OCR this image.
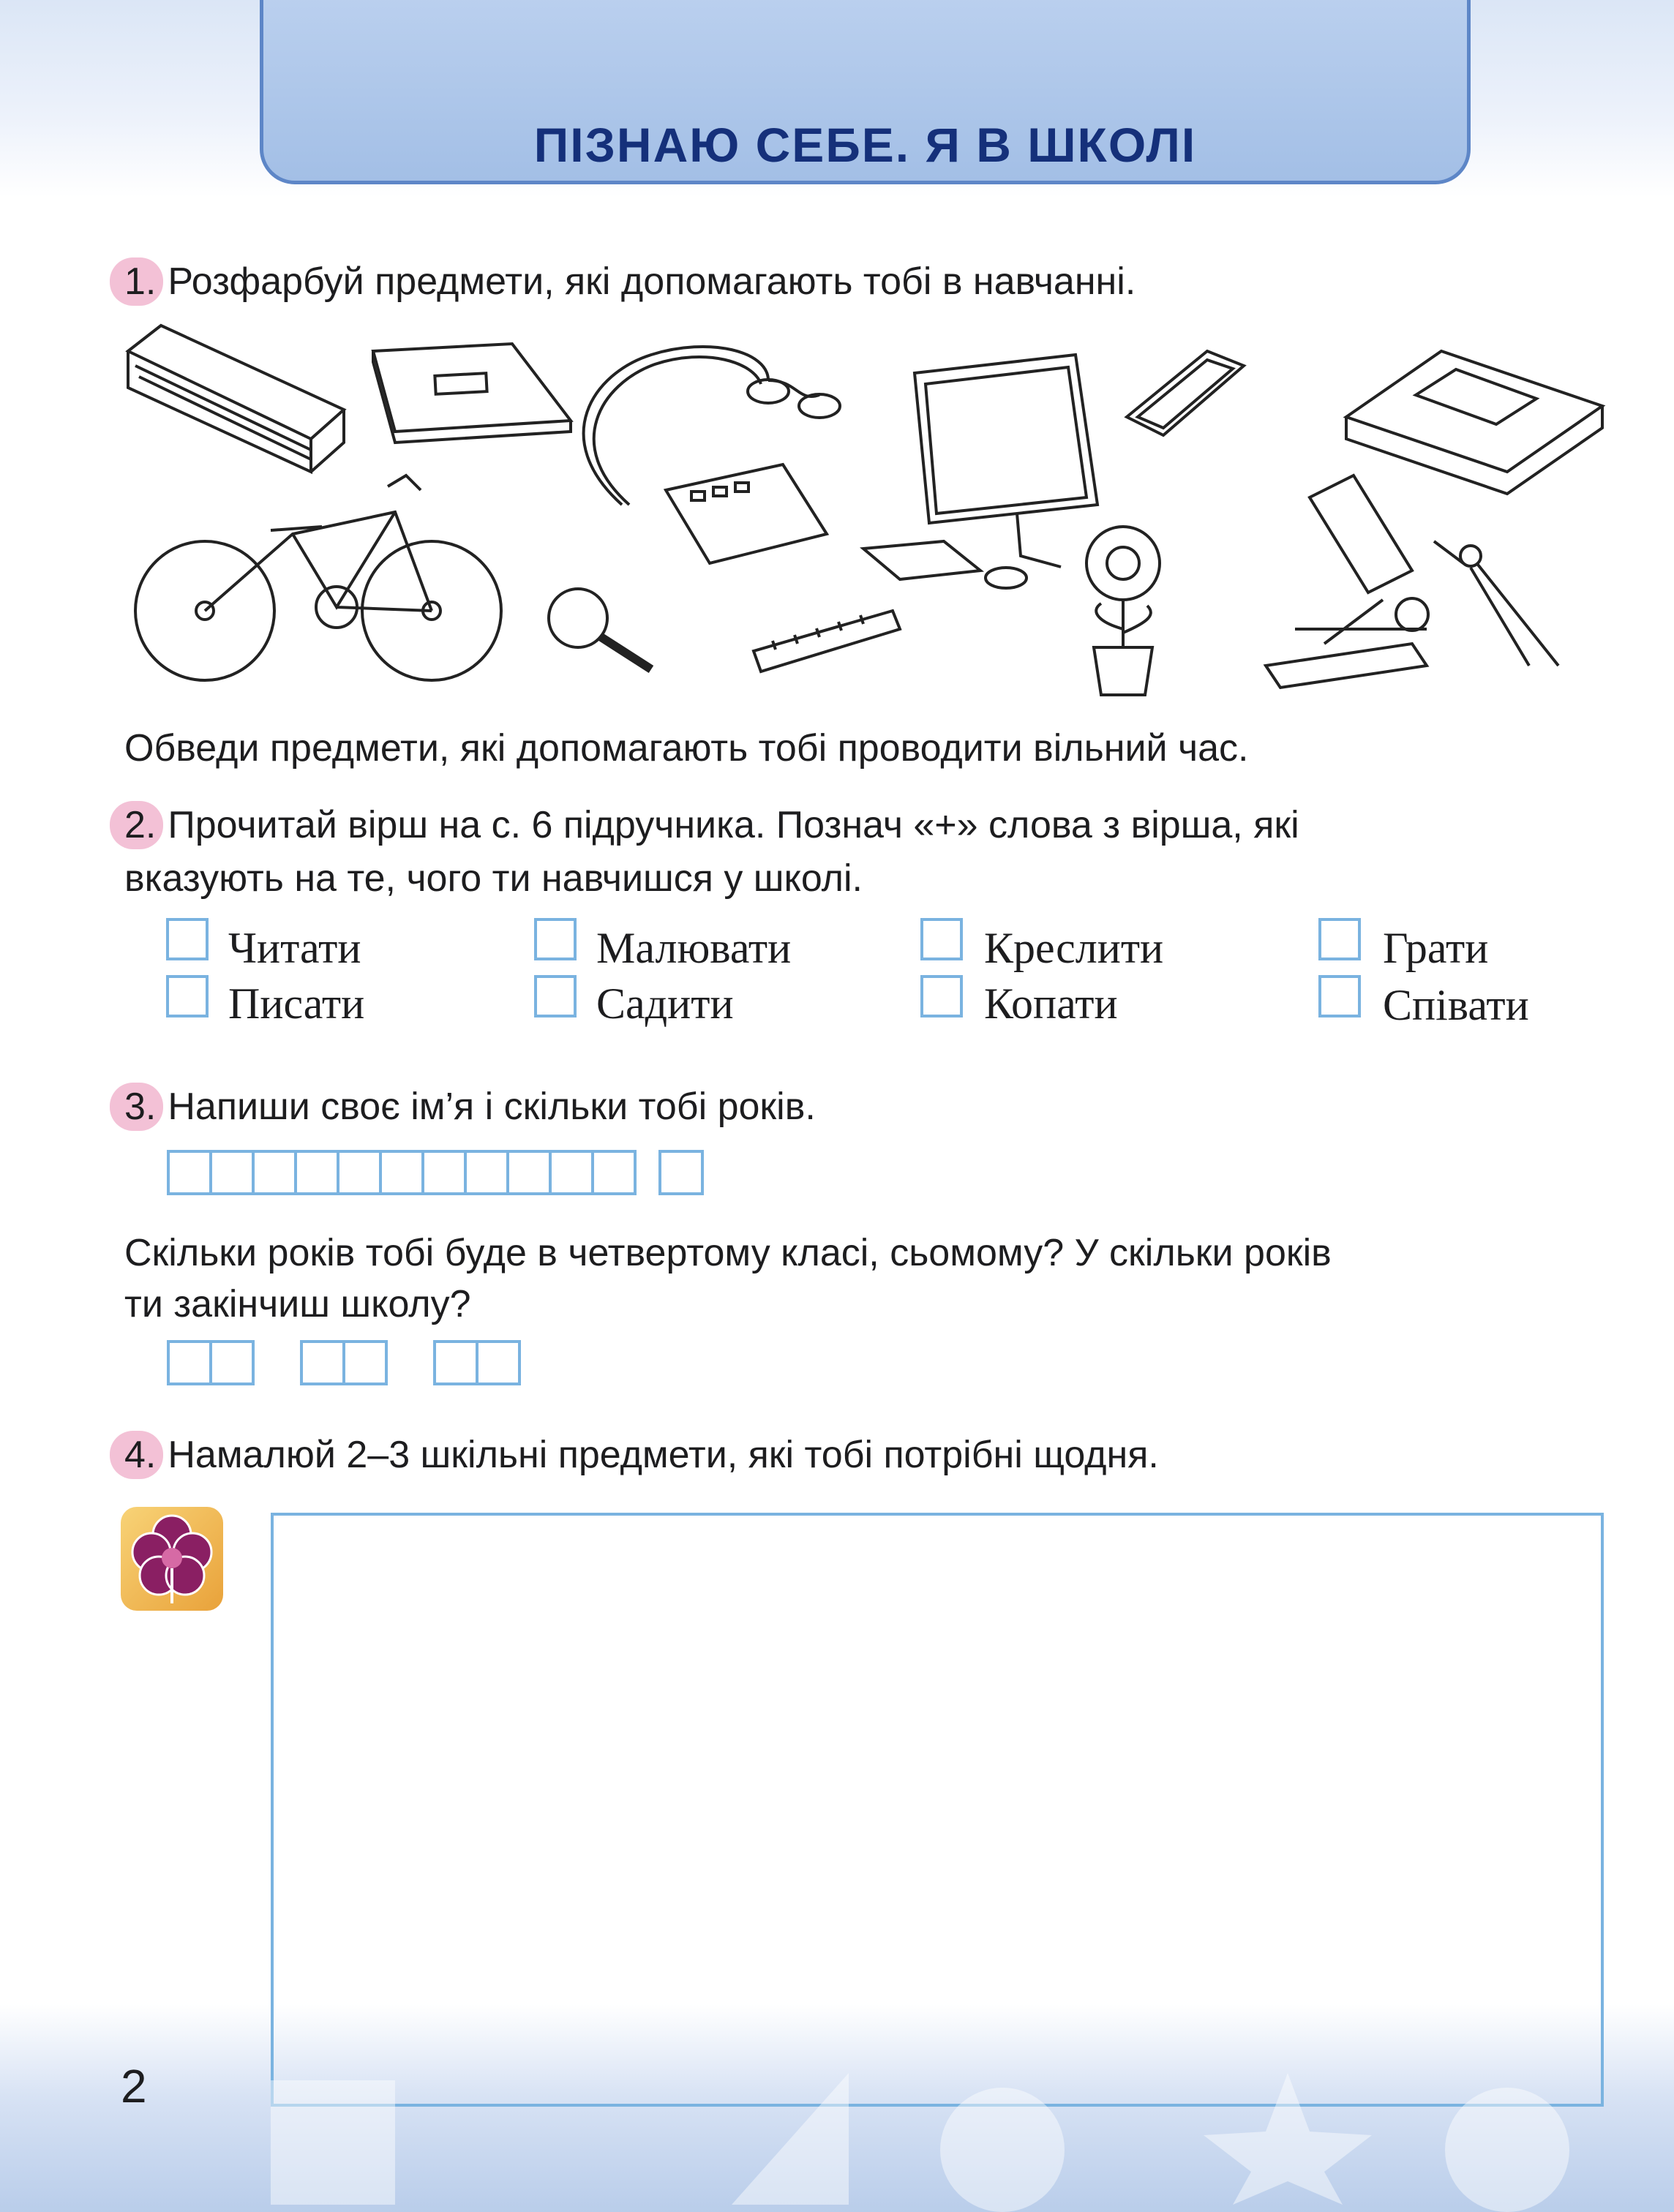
ПІЗНАЮ СЕБЕ. Я В ШКОЛІ
1. Розфарбуй предмети, які допомагають тобі в навчанні.
Обведи предмети, які допомагають тобі проводити вільний час.
2. Прочитай вірш на с. 6 підручника. Познач «+» слова з вірша, які
вказують на те, чого ти навчишся у школі.
Читати	Малювати	Креслити	Грати
Писати	Садити	Копати	Співати
3. Напиши своє ім’я і скільки тобі років.
Скільки років тобі буде в четвертому класі, сьомому? У скільки років
ти закінчиш школу?
4. Намалюй 2–3 шкільні предмети, які тобі потрібні щодня.
2
